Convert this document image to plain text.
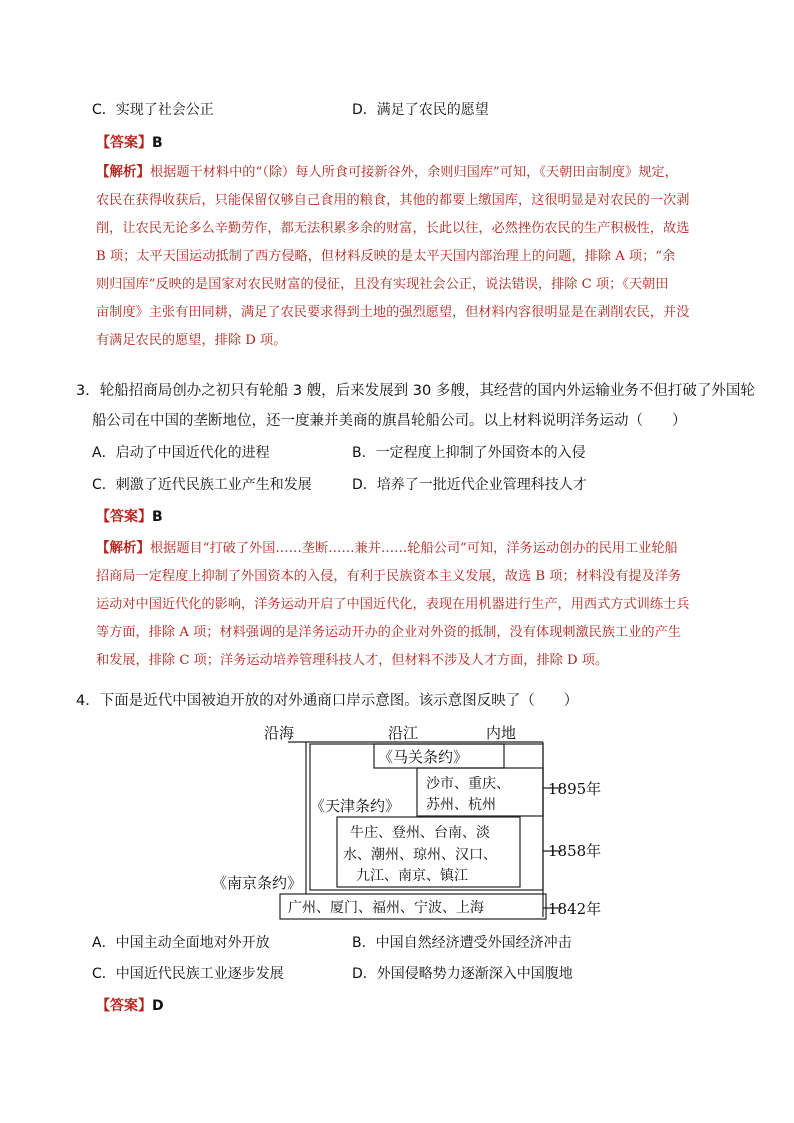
C．实现了社会公正	D．满足了农民的愿望
【答案】B
【解析】根据题干材料中的“（除）每人所食可接新谷外，余则归国库”可知，《天朝田亩制度》规定，
农民在获得收获后，只能保留仅够自己食用的粮食，其他的都要上缴国库，这很明显是对农民的一次剥
削，让农民无论多么辛勤劳作，都无法积累多余的财富，长此以往，必然挫伤农民的生产积极性，故选
B 项；太平天国运动抵制了西方侵略，但材料反映的是太平天国内部治理上的问题，排除 A 项；“余
则归国库”反映的是国家对农民财富的侵征，且没有实现社会公正，说法错误，排除 C 项；《天朝田
亩制度》主张有田同耕，满足了农民要求得到土地的强烈愿望，但材料内容很明显是在剥削农民，并没
有满足农民的愿望，排除 D 项。
3．轮船招商局创办之初只有轮船 3 艘，后来发展到 30 多艘，其经营的国内外运输业务不但打破了外国轮
船公司在中国的垄断地位，还一度兼并美商的旗昌轮船公司。以上材料说明洋务运动（　　）
A．启动了中国近代化的进程	B．一定程度上抑制了外国资本的入侵
C．刺激了近代民族工业产生和发展	D．培养了一批近代企业管理科技人才
【答案】B
【解析】根据题目“打破了外国……垄断……兼并……轮船公司”可知，洋务运动创办的民用工业轮船
招商局一定程度上抑制了外国资本的入侵，有利于民族资本主义发展，故选 B 项；材料没有提及洋务
运动对中国近代化的影响，洋务运动开启了中国近代化，表现在用机器进行生产，用西式方式训练士兵
等方面，排除 A 项；材料强调的是洋务运动开办的企业对外资的抵制，没有体现刺激民族工业的产生
和发展，排除 C 项；洋务运动培养管理科技人才，但材料不涉及人才方面，排除 D 项。
4．下面是近代中国被迫开放的对外通商口岸示意图。该示意图反映了（　　）
沿海	沿江	内地
《马关条约》
沙市、重庆、
苏州、杭州
《天津条约》
牛庄、登州、台南、淡
水、潮州、琼州、汉口、
九江、南京、镇江
《南京条约》
广州、厦门、福州、宁波、上海
1895年
1858年
1842年
A．中国主动全面地对外开放	B．中国自然经济遭受外国经济冲击
C．中国近代民族工业逐步发展	D．外国侵略势力逐渐深入中国腹地
【答案】D
